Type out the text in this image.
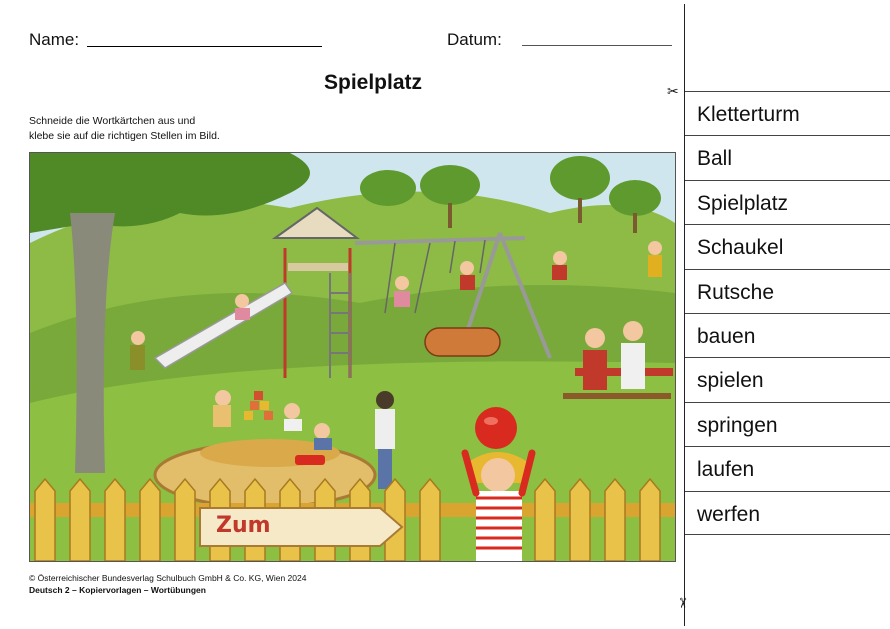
Name:	Datum:
Spielplatz
Schneide die Wortkärtchen aus und
klebe sie auf die richtigen Stellen im Bild.
Zum
© Österreichischer Bundesverlag Schulbuch GmbH & Co. KG, Wien 2024
Deutsch 2 – Kopiervorlagen – Wortübungen
✂
✂
Kletterturm
Ball
Spielplatz
Schaukel
Rutsche
bauen
spielen
springen
laufen
werfen
